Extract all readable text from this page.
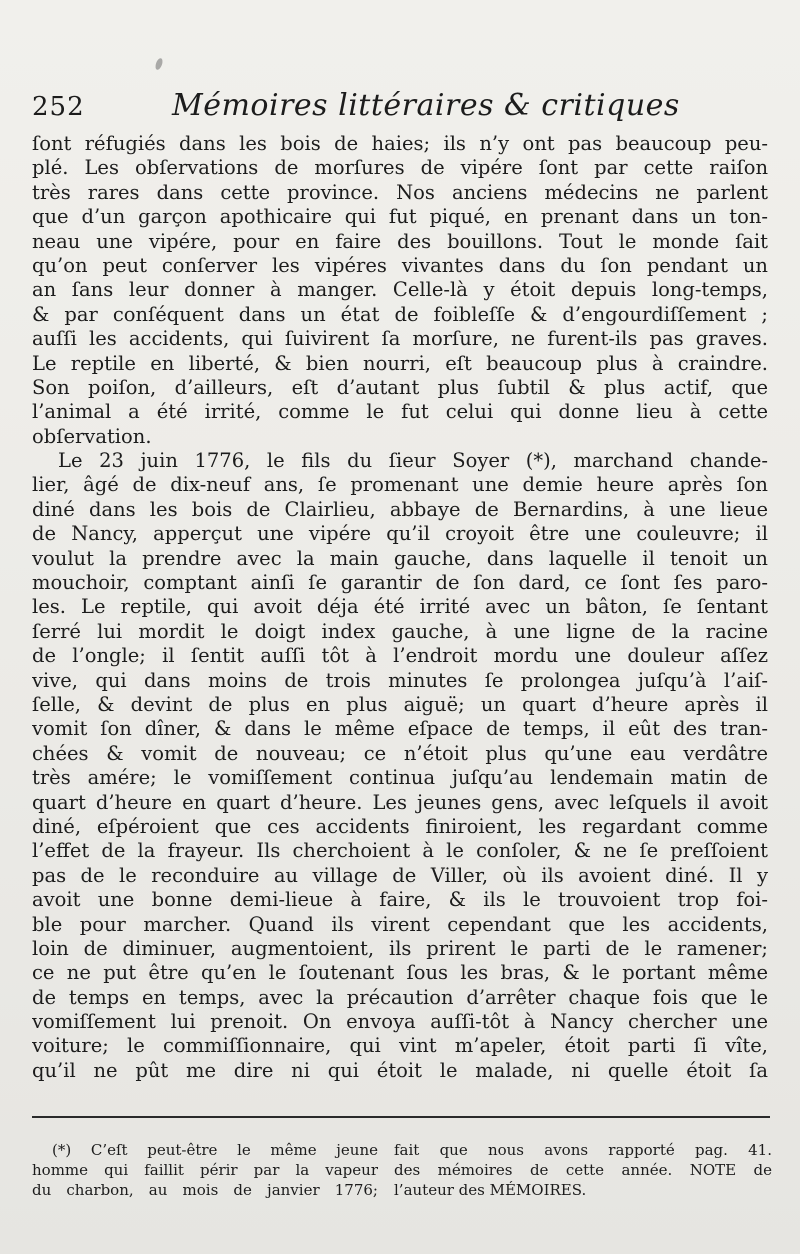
252	Mémoires littéraires & critiques
ſont réfugiés dans les bois de haies; ils n’y ont pas beaucoup peu-
plé. Les obſervations de morſures de vipére ſont par cette raiſon
très rares dans cette province. Nos anciens médecins ne parlent
que d’un garçon apothicaire qui fut piqué, en prenant dans un ton-
neau une vipére, pour en faire des bouillons. Tout le monde ſait
qu’on peut conſerver les vipéres vivantes dans du ſon pendant un
an ſans leur donner à manger. Celle-là y étoit depuis long-temps,
& par conſéquent dans un état de foibleſſe & d’engourdiſſement ;
auſſi les accidents, qui ſuivirent ſa morſure, ne furent-ils pas graves.
Le reptile en liberté, & bien nourri, eſt beaucoup plus à craindre.
Son poiſon, d’ailleurs, eſt d’autant plus ſubtil & plus actif, que
l’animal a été irrité, comme le fut celui qui donne lieu à cette
obſervation.
Le 23 juin 1776, le fils du ſieur Soyer (*), marchand chande-
lier, âgé de dix-neuf ans, ſe promenant une demie heure après ſon
diné dans les bois de Clairlieu, abbaye de Bernardins, à une lieue
de Nancy, apperçut une vipére qu’il croyoit être une couleuvre; il
voulut la prendre avec la main gauche, dans laquelle il tenoit un
mouchoir, comptant ainſi ſe garantir de ſon dard, ce ſont ſes paro-
les. Le reptile, qui avoit déja été irrité avec un bâton, ſe ſentant
ſerré lui mordit le doigt index gauche, à une ligne de la racine
de l’ongle; il ſentit auſſi tôt à l’endroit mordu une douleur aſſez
vive, qui dans moins de trois minutes ſe prolongea juſqu’à l’aiſ-
ſelle, & devint de plus en plus aiguë; un quart d’heure après il
vomit ſon dîner, & dans le même eſpace de temps, il eût des tran-
chées & vomit de nouveau; ce n’étoit plus qu’une eau verdâtre
très amére; le vomiſſement continua juſqu’au lendemain matin de
quart d’heure en quart d’heure. Les jeunes gens, avec leſquels il avoit
diné, eſpéroient que ces accidents finiroient, les regardant comme
l’effet de la frayeur. Ils cherchoient à le conſoler, & ne ſe preſſoient
pas de le reconduire au village de Viller, où ils avoient diné. Il y
avoit une bonne demi-lieue à faire, & ils le trouvoient trop foi-
ble pour marcher. Quand ils virent cependant que les accidents,
loin de diminuer, augmentoient, ils prirent le parti de le ramener;
ce ne put être qu’en le ſoutenant ſous les bras, & le portant même
de temps en temps, avec la précaution d’arrêter chaque fois que le
vomiſſement lui prenoit. On envoya auſſi-tôt à Nancy chercher une
voiture; le commiſſionnaire, qui vint m’apeler, étoit parti ſi vîte,
qu’il ne pût me dire ni qui étoit le malade, ni quelle étoit ſa
(*) C’eſt peut-être le même jeune
homme qui faillit périr par la vapeur
du charbon, au mois de janvier 1776;
fait que nous avons rapporté pag. 41.
des mémoires de cette année. NOTE de
l’auteur des MÉMOIRES.
